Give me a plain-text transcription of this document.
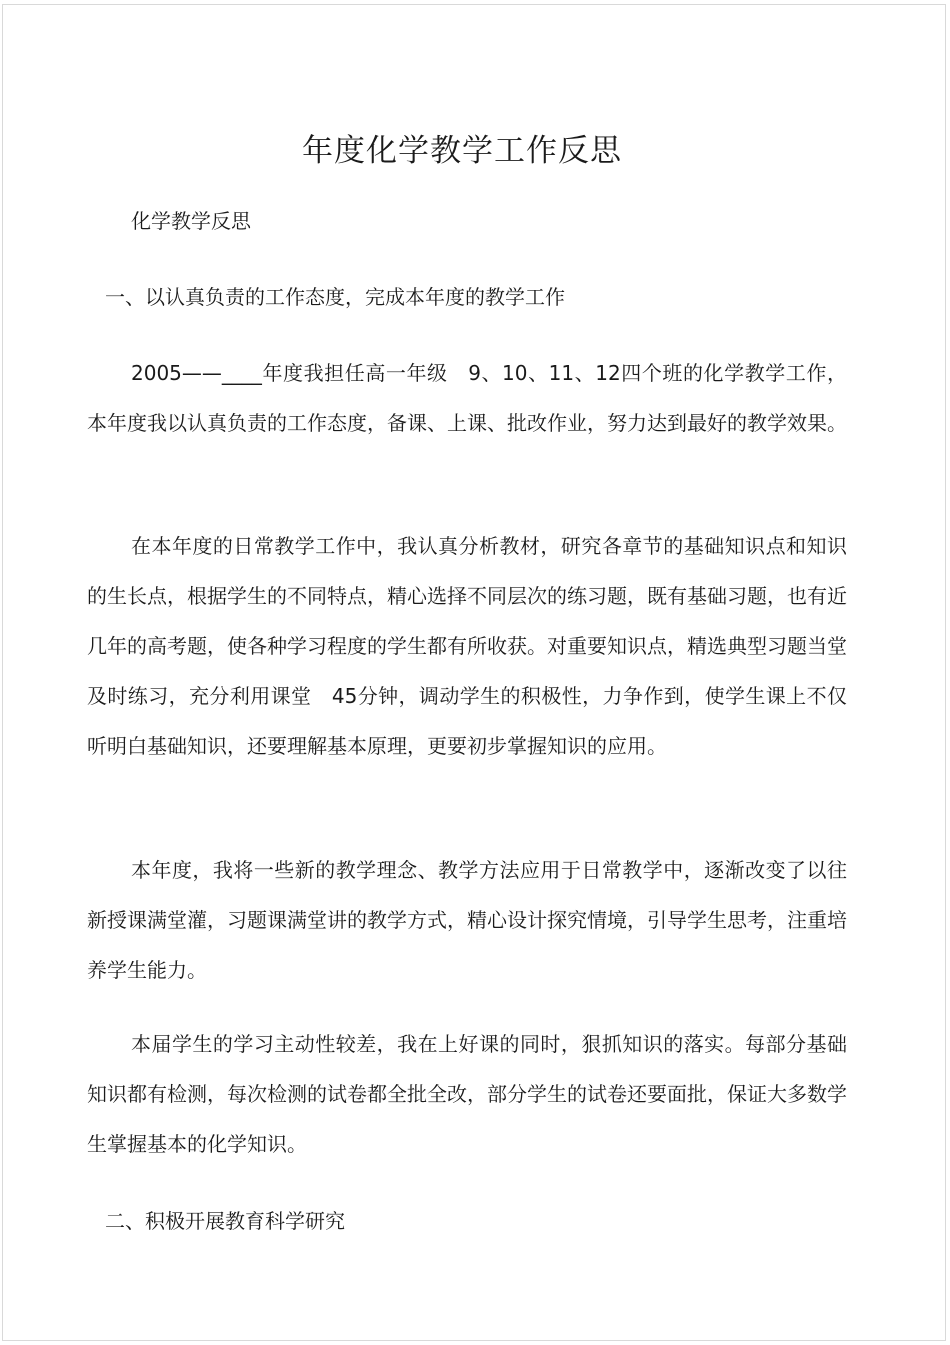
年度化学教学工作反思
化学教学反思
一、以认真负责的工作态度，完成本年度的教学工作
2005——____年度我担任高一年级　9、10、11、12四个班的化学教学工作，本年度我以认真负责的工作态度，备课、上课、批改作业，努力达到最好的教学效果。
在本年度的日常教学工作中，我认真分析教材，研究各章节的基础知识点和知识的生长点，根据学生的不同特点，精心选择不同层次的练习题，既有基础习题，也有近几年的高考题，使各种学习程度的学生都有所收获。对重要知识点，精选典型习题当堂及时练习，充分利用课堂　45分钟，调动学生的积极性，力争作到，使学生课上不仅听明白基础知识，还要理解基本原理，更要初步掌握知识的应用。
本年度，我将一些新的教学理念、教学方法应用于日常教学中，逐渐改变了以往新授课满堂灌，习题课满堂讲的教学方式，精心设计探究情境，引导学生思考，注重培养学生能力。
本届学生的学习主动性较差，我在上好课的同时，狠抓知识的落实。每部分基础知识都有检测，每次检测的试卷都全批全改，部分学生的试卷还要面批，保证大多数学生掌握基本的化学知识。
二、积极开展教育科学研究
